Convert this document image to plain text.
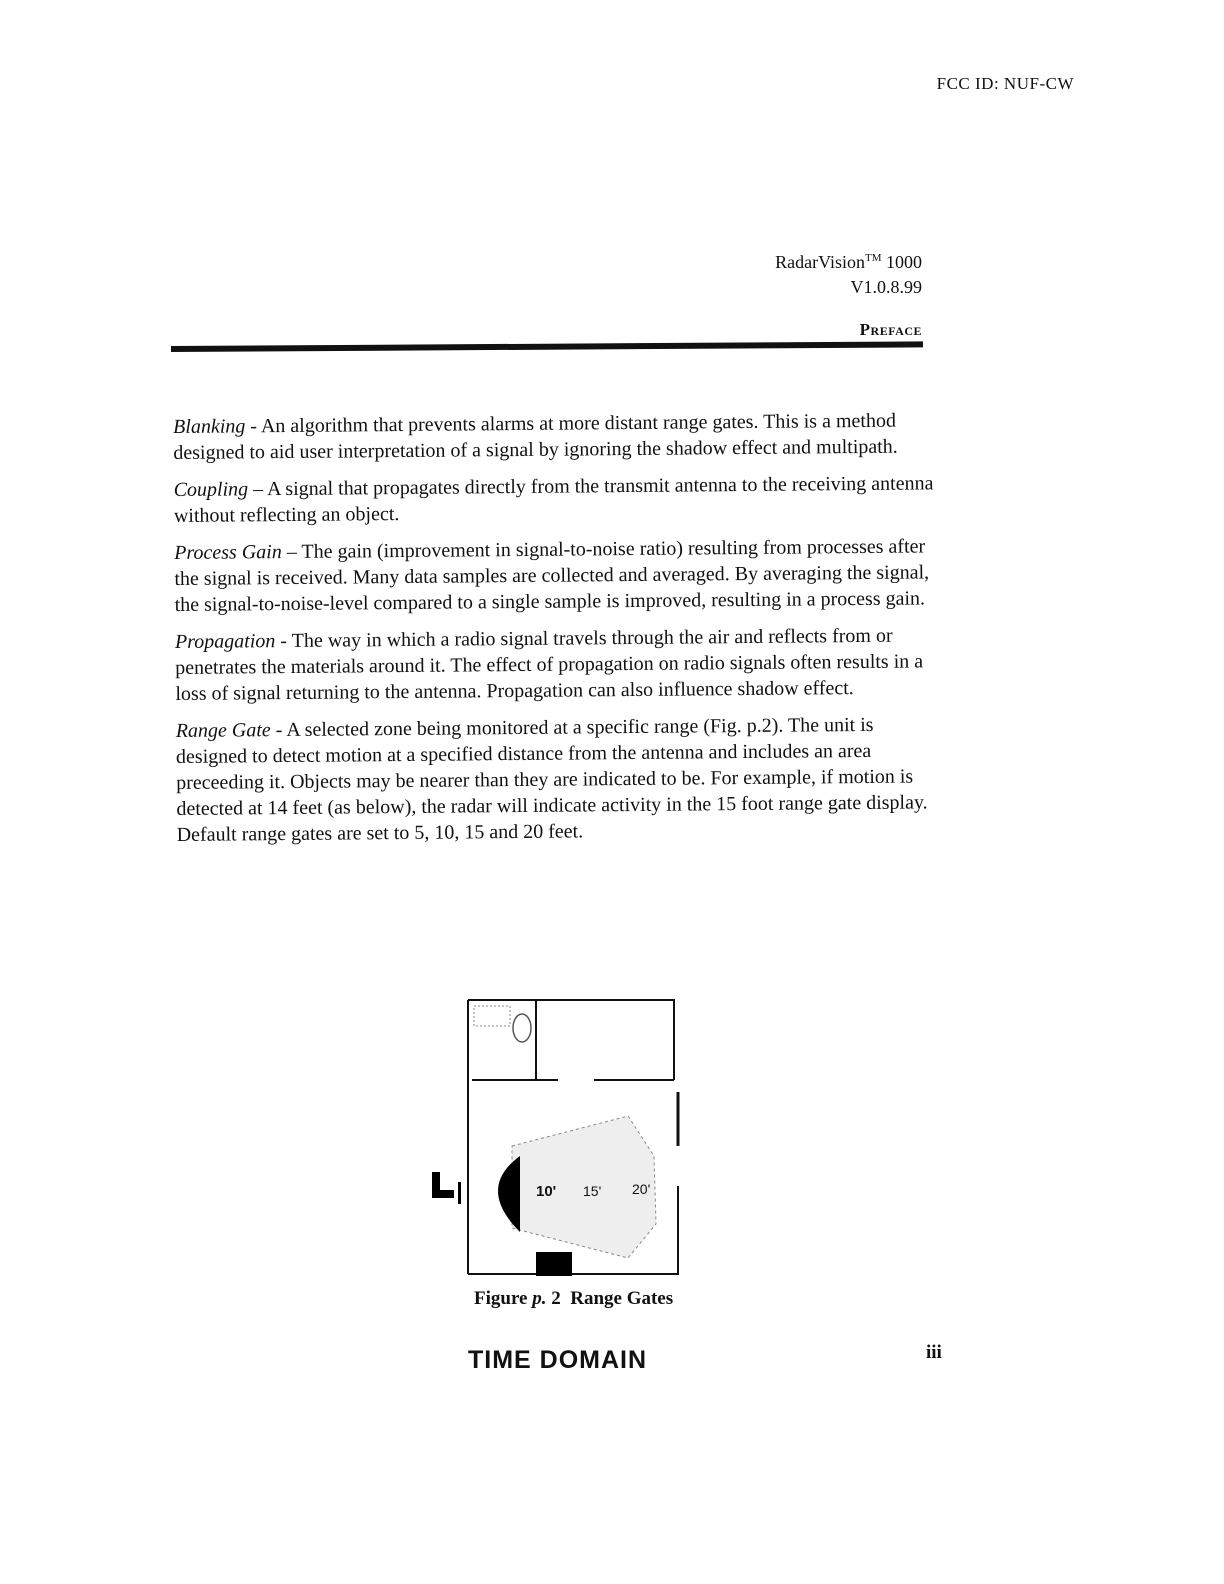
FCC ID: NUF-CW
RadarVision™ 1000
V1.0.8.99
Preface

Blanking - An algorithm that prevents alarms at more distant range gates. This is a method designed to aid user interpretation of a signal by ignoring the shadow effect and multipath.

Coupling – A signal that propagates directly from the transmit antenna to the receiving antenna without reflecting an object.

Process Gain – The gain (improvement in signal-to-noise ratio) resulting from processes after the signal is received. Many data samples are collected and averaged. By averaging the signal, the signal-to-noise-level compared to a single sample is improved, resulting in a process gain.

Propagation - The way in which a radio signal travels through the air and reflects from or penetrates the materials around it. The effect of propagation on radio signals often results in a loss of signal returning to the antenna. Propagation can also influence shadow effect.

Range Gate - A selected zone being monitored at a specific range (Fig. p.2). The unit is designed to detect motion at a specified distance from the antenna and includes an area preceeding it. Objects may be nearer than they are indicated to be. For example, if motion is detected at 14 feet (as below), the radar will indicate activity in the 15 foot range gate display. Default range gates are set to 5, 10, 15 and 20 feet.

10' 15' 20'
Figure p. 2 Range Gates
TIME DOMAIN	iii
